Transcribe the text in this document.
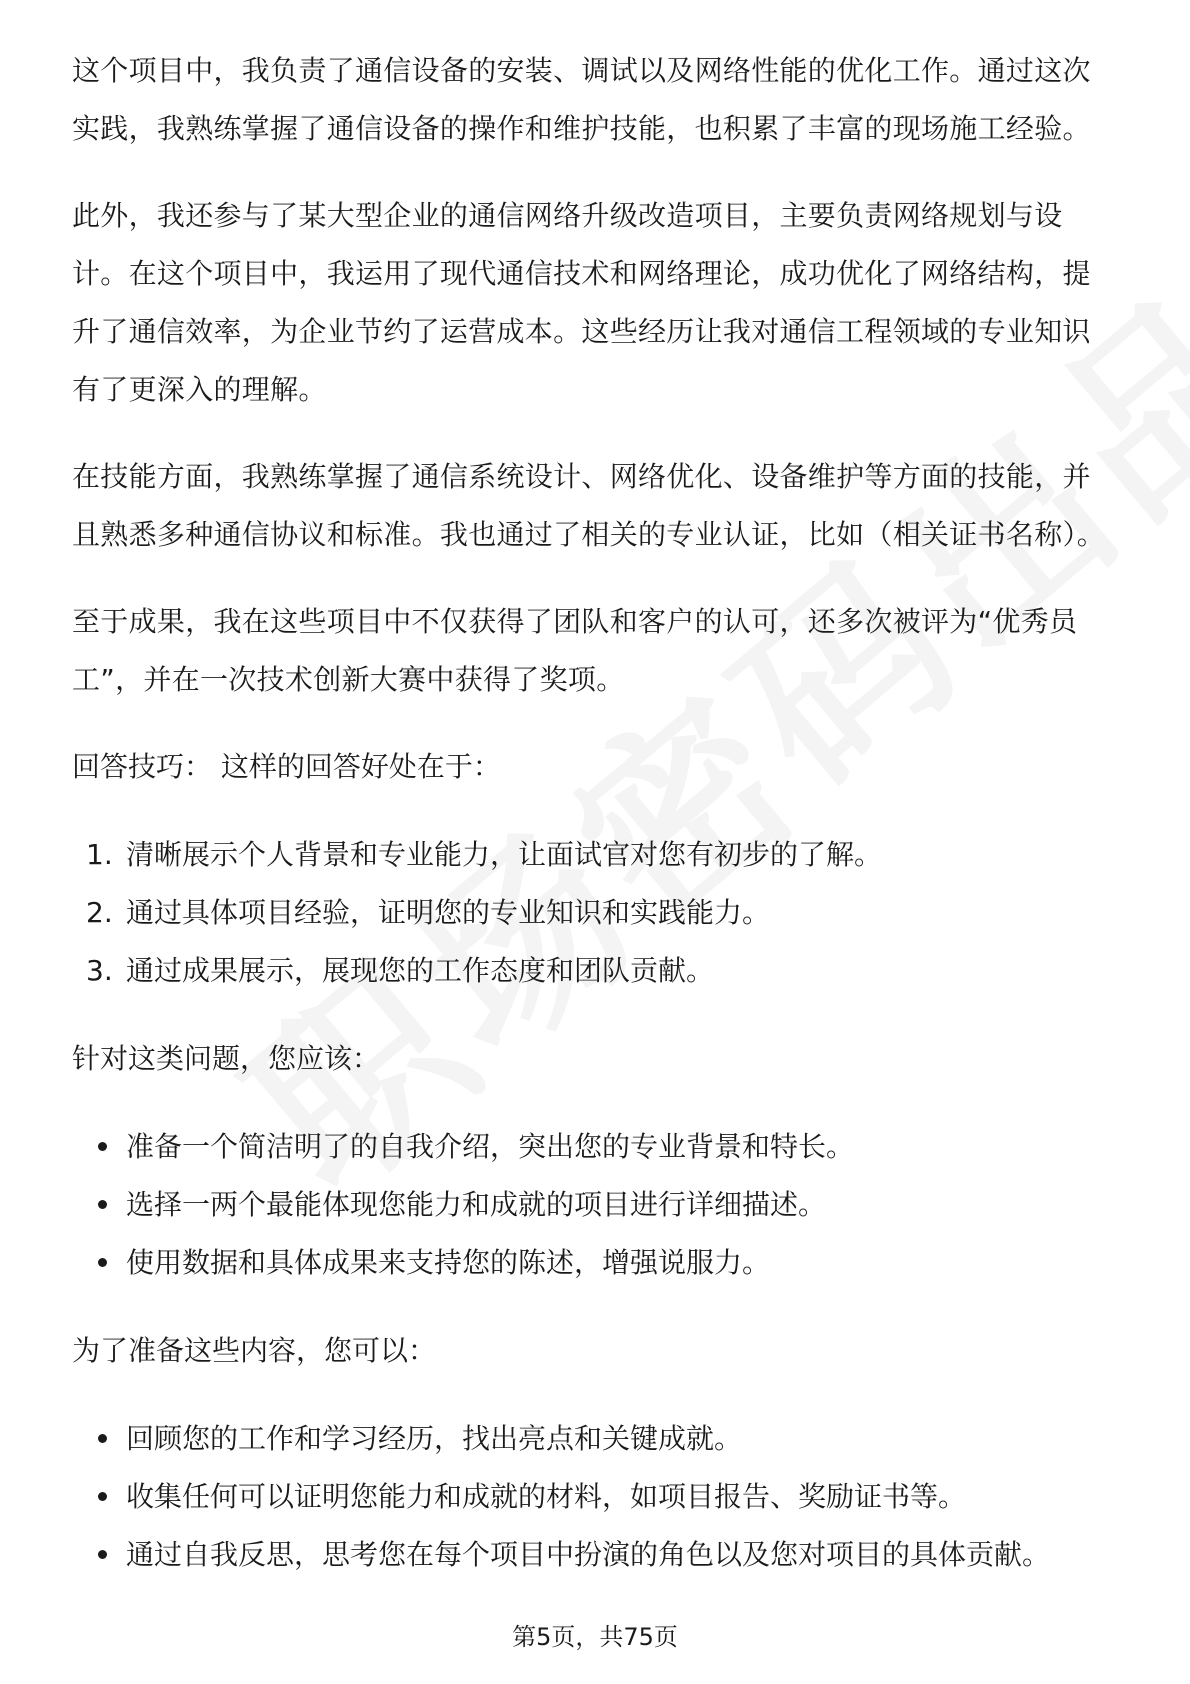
这个项目中，我负责了通信设备的安装、调试以及网络性能的优化工作。通过这次实践，我熟练掌握了通信设备的操作和维护技能，也积累了丰富的现场施工经验。

此外，我还参与了某大型企业的通信网络升级改造项目，主要负责网络规划与设计。在这个项目中，我运用了现代通信技术和网络理论，成功优化了网络结构，提升了通信效率，为企业节约了运营成本。这些经历让我对通信工程领域的专业知识有了更深入的理解。

在技能方面，我熟练掌握了通信系统设计、网络优化、设备维护等方面的技能，并且熟悉多种通信协议和标准。我也通过了相关的专业认证，比如（相关证书名称）。

至于成果，我在这些项目中不仅获得了团队和客户的认可，还多次被评为“优秀员工”，并在一次技术创新大赛中获得了奖项。

回答技巧： 这样的回答好处在于：

1. 清晰展示个人背景和专业能力，让面试官对您有初步的了解。
2. 通过具体项目经验，证明您的专业知识和实践能力。
3. 通过成果展示，展现您的工作态度和团队贡献。

针对这类问题，您应该：

准备一个简洁明了的自我介绍，突出您的专业背景和特长。
选择一两个最能体现您能力和成就的项目进行详细描述。
使用数据和具体成果来支持您的陈述，增强说服力。

为了准备这些内容，您可以：

回顾您的工作和学习经历，找出亮点和关键成就。
收集任何可以证明您能力和成就的材料，如项目报告、奖励证书等。
通过自我反思，思考您在每个项目中扮演的角色以及您对项目的具体贡献。
第5页，共75页
